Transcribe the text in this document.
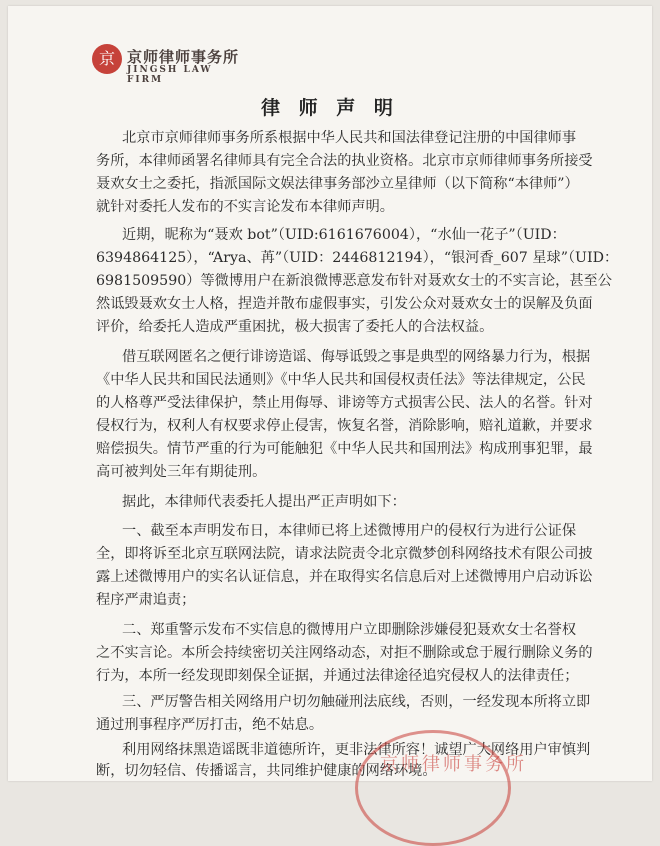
京 京师律师事务所
JINGSH LAW FIRM
律 师 声 明
北京市京师律师事务所系根据中华人民共和国法律登记注册的中国律师事
务所，本律师函署名律师具有完全合法的执业资格。北京市京师律师事务所接受
聂欢女士之委托，指派国际文娱法律事务部沙立星律师（以下简称“本律师”）
就针对委托人发布的不实言论发布本律师声明。
近期，昵称为“聂欢 bot”（UID:6161676004），“水仙一花子”（UID：
6394864125），“Arya、苒”（UID：2446812194），“银河香_607 星球”（UID：
6981509590）等微博用户在新浪微博恶意发布针对聂欢女士的不实言论，甚至公
然诋毁聂欢女士人格，捏造并散布虚假事实，引发公众对聂欢女士的误解及负面
评价，给委托人造成严重困扰，极大损害了委托人的合法权益。
借互联网匿名之便行诽谤造谣、侮辱诋毁之事是典型的网络暴力行为，根据
《中华人民共和国民法通则》《中华人民共和国侵权责任法》等法律规定，公民
的人格尊严受法律保护，禁止用侮辱、诽谤等方式损害公民、法人的名誉。针对
侵权行为，权利人有权要求停止侵害，恢复名誉，消除影响，赔礼道歉，并要求
赔偿损失。情节严重的行为可能触犯《中华人民共和国刑法》构成刑事犯罪，最
高可被判处三年有期徒刑。
据此，本律师代表委托人提出严正声明如下：
一、截至本声明发布日，本律师已将上述微博用户的侵权行为进行公证保
全，即将诉至北京互联网法院，请求法院责令北京微梦创科网络技术有限公司披
露上述微博用户的实名认证信息，并在取得实名信息后对上述微博用户启动诉讼
程序严肃追责；
二、郑重警示发布不实信息的微博用户立即删除涉嫌侵犯聂欢女士名誉权
之不实言论。本所会持续密切关注网络动态，对拒不删除或怠于履行删除义务的
行为，本所一经发现即刻保全证据，并通过法律途径追究侵权人的法律责任；
三、严厉警告相关网络用户切勿触碰刑法底线，否则，一经发现本所将立即
通过刑事程序严厉打击，绝不姑息。
利用网络抹黑造谣既非道德所许，更非法律所容！诚望广大网络用户审慎判
断，切勿轻信、传播谣言，共同维护健康的网络环境。
京师律师事务所
